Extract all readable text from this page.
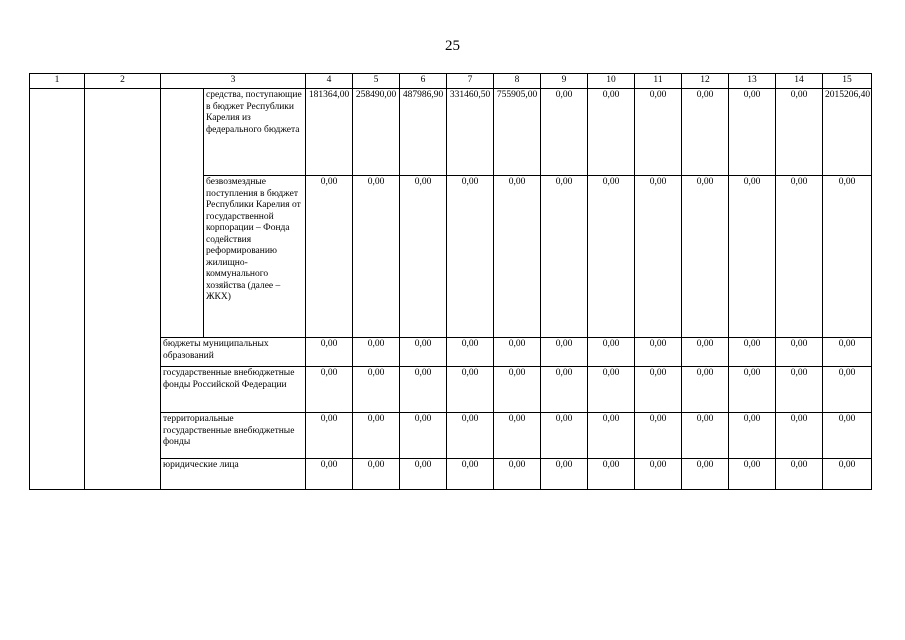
25
1	2	3		4	5	6	7	8	9	10	11	12	13	14	15
			средства, поступающие в бюджет Республики Карелия из федерального бюджета	181364,00	258490,00	487986,90	331460,50	755905,00	0,00	0,00	0,00	0,00	0,00	0,00	2015206,40
			безвозмездные поступления в бюджет Республики Карелия от государственной корпорации – Фонда содействия реформированию жилищно-коммунального хозяйства (далее – ЖКХ)	0,00	0,00	0,00	0,00	0,00	0,00	0,00	0,00	0,00	0,00	0,00	0,00
		бюджеты муниципальных образований		0,00	0,00	0,00	0,00	0,00	0,00	0,00	0,00	0,00	0,00	0,00	0,00
		государственные внебюджетные фонды Российской Федерации		0,00	0,00	0,00	0,00	0,00	0,00	0,00	0,00	0,00	0,00	0,00	0,00
		территориальные государственные внебюджетные фонды		0,00	0,00	0,00	0,00	0,00	0,00	0,00	0,00	0,00	0,00	0,00	0,00
		юридические лица		0,00	0,00	0,00	0,00	0,00	0,00	0,00	0,00	0,00	0,00	0,00	0,00
